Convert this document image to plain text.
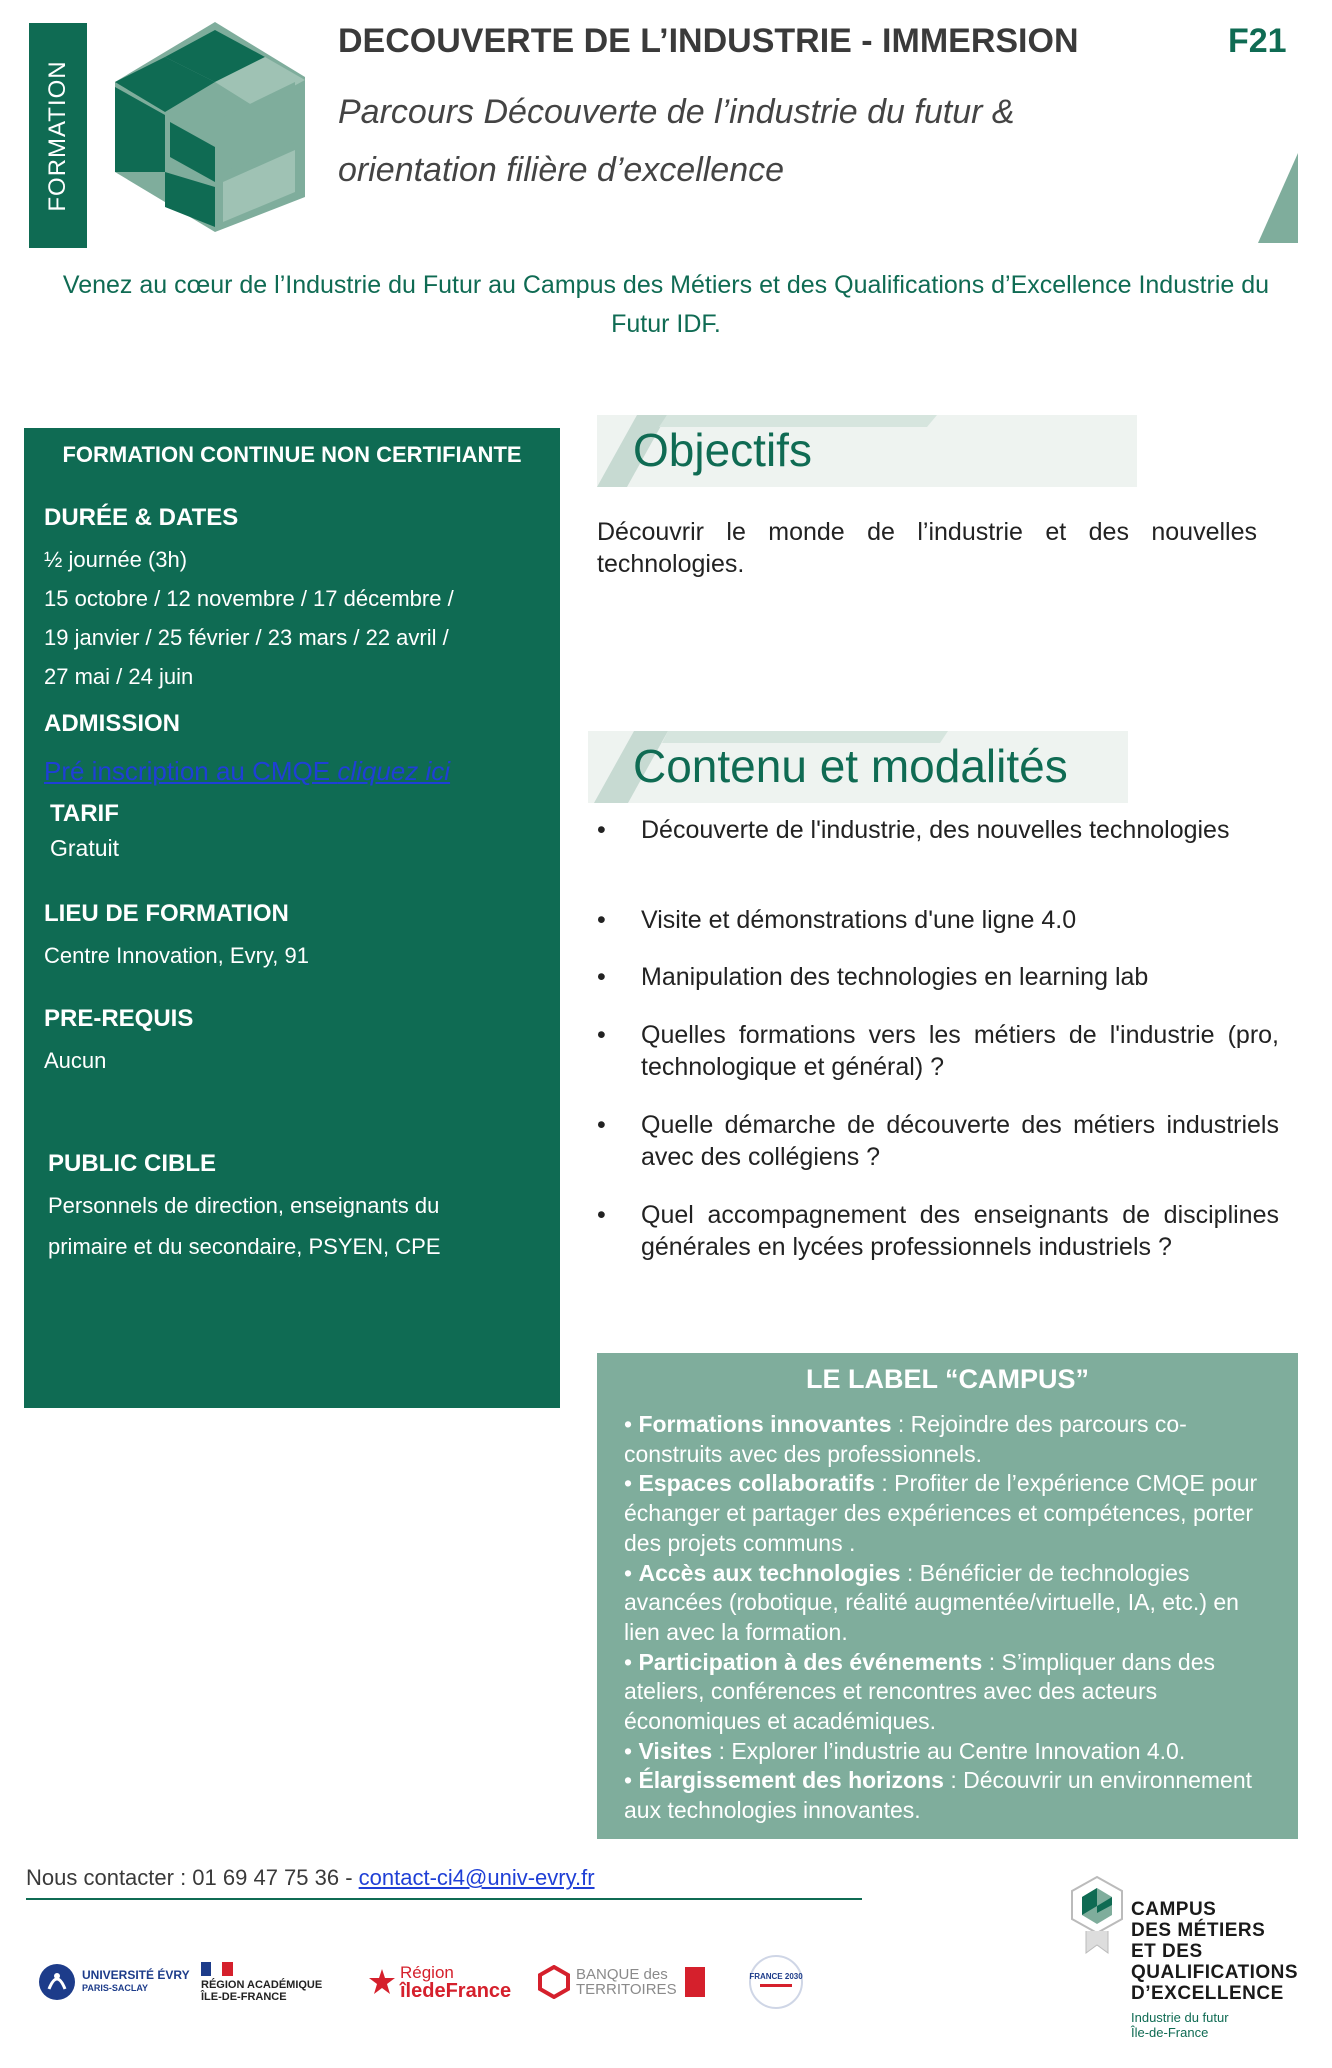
FORMATION
DECOUVERTE DE L’INDUSTRIE - IMMERSION	F21
Parcours Découverte de l’industrie du futur & orientation filière d’excellence
Venez au cœur de l’Industrie du Futur au Campus des Métiers et des Qualifications d’Excellence Industrie du Futur IDF.
FORMATION CONTINUE NON CERTIFIANTE
DURÉE & DATES
½ journée (3h)
15 octobre / 12 novembre / 17 décembre /
19 janvier / 25 février / 23 mars / 22 avril /
27 mai / 24 juin
ADMISSION
Pré inscription au CMQE cliquez ici
TARIF
Gratuit
LIEU DE FORMATION
Centre Innovation, Evry, 91
PRE-REQUIS
Aucun
PUBLIC CIBLE
Personnels de direction, enseignants du
primaire et du secondaire, PSYEN, CPE
Objectifs
Découvrir le monde de l’industrie et des nouvelles technologies.
Contenu et modalités
• Découverte de l'industrie, des nouvelles technologies
• Visite et démonstrations d'une ligne 4.0
• Manipulation des technologies en learning lab
• Quelles formations vers les métiers de l'industrie (pro, technologique et général) ?
• Quelle démarche de découverte des métiers industriels avec des collégiens ?
• Quel accompagnement des enseignants de disciplines générales en lycées professionnels industriels ?
LE LABEL “CAMPUS”

• Formations innovantes : Rejoindre des parcours co-construits avec des professionnels.

• Espaces collaboratifs : Profiter de l’expérience CMQE pour échanger et partager des expériences et compétences, porter des projets communs .

• Accès aux technologies : Bénéficier de technologies avancées (robotique, réalité augmentée/virtuelle, IA, etc.) en lien avec la formation.

• Participation à des événements : S’impliquer dans des ateliers, conférences et rencontres avec des acteurs économiques et académiques.

• Visites : Explorer l’industrie au Centre Innovation 4.0.

• Élargissement des horizons : Découvrir un environnement aux technologies innovantes.

Nous contacter : 01 69 47 75 36 - contact-ci4@univ-evry.fr
UNIVERSITÉ ÉVRY
PARIS-SACLAY	RÉGION ACADÉMIQUE
ÎLE-DE-FRANCE
Région
îledeFrance
BANQUE des
TERRITOIRES
FRANCE 2030
CAMPUS
DES MÉTIERS
ET DES
QUALIFICATIONS
D’EXCELLENCE
Industrie du futur
Île-de-France
